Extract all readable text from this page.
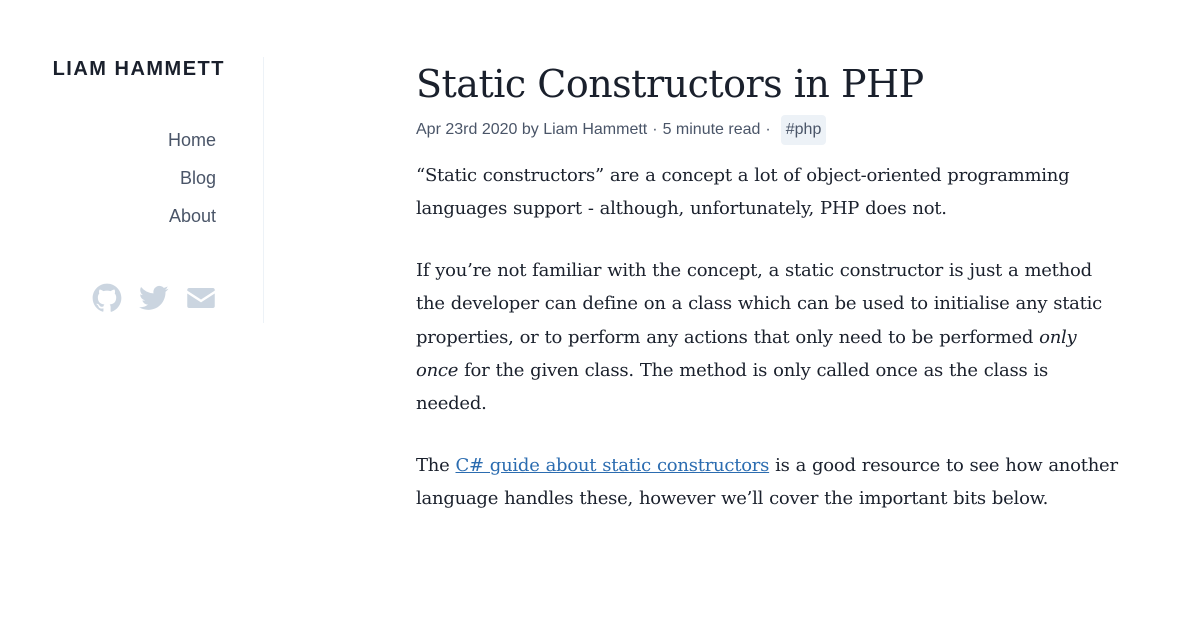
LIAM HAMMETT
Home
Blog
About
Static Constructors in PHP
Apr 23rd 2020
by
Liam Hammett · 5 minute read · #php

“Static constructors” are a concept a lot of object-oriented programming languages support - although, unfortunately, PHP does not.

If you’re not familiar with the concept, a static constructor is just a method the developer can define on a class which can be used to initialise any static properties, or to perform any actions that only need to be performed only once for the given class. The method is only called once as the class is needed.

The C# guide about static constructors is a good resource to see how another language handles these, however we’ll cover the important bits below.
